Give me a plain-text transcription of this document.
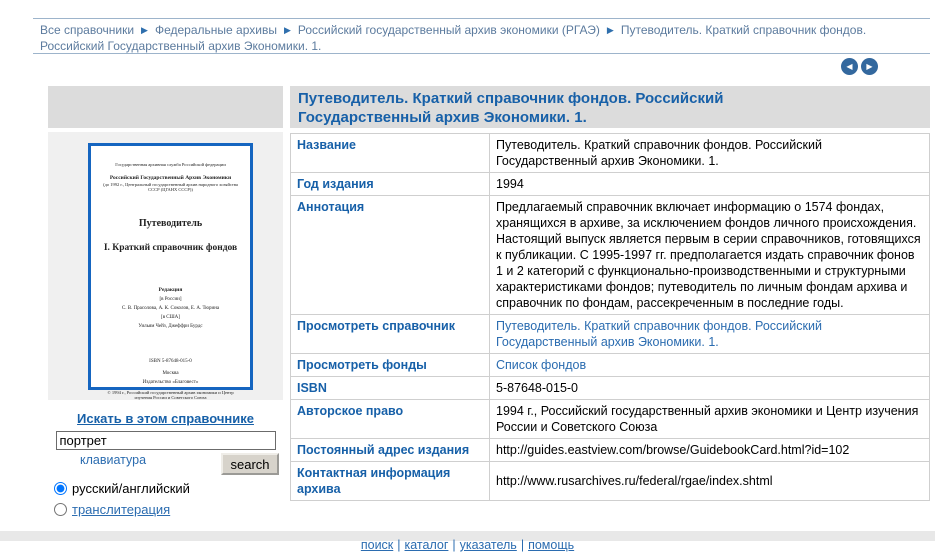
Все справочники ▶ Федеральные архивы ▶ Российский государственный архив экономики (РГАЭ) ▶ Путеводитель. Краткий справочник фондов. Российский Государственный архив Экономики. 1.
◀ ▶
Путеводитель. Краткий справочник фондов. Российский Государственный архив Экономики. 1.
Государственная архивная служба Российской федерации
Российский Государственный Архив Экономики
(до 1992 г., Центральный государственный архив народного хозяйства СССР (ЦГАНХ СССР))
Путеводитель
I. Краткий справочник фондов
Редакция
[в России]
С. В. Прасолова, А. К. Соколов, Е. А. Тюрина
[в США]
Уильям Чейз, Джеффри Бурдс
ISBN 5-87648-015-0
Москва
Издательство «Благовест»
© 1994 г., Российский государственный архив экономики и Центр изучения России и Советского Союза
Искать в этом справочнике
портрет
клавиатура	search
русский/английский
транслитерация
Название	Путеводитель. Краткий справочник фондов. Российский Государственный архив Экономики. 1.
Год издания	1994
Аннотация	Предлагаемый справочник включает информацию о 1574 фондах, хранящихся в архиве, за исключением фондов личного происхождения. Настоящий выпуск является первым в серии справочников, готовящихся к публикации. С 1995-1997 гг. предполагается издать справочник фонов 1 и 2 категорий с функционально-производственными и структурными характеристиками фондов; путеводитель по личным фондам архива и справочник по фондам, рассекреченным в последние годы.
Просмотреть справочник	Путеводитель. Краткий справочник фондов. Российский Государственный архив Экономики. 1.
Просмотреть фонды	Список фондов
ISBN	5-87648-015-0
Авторское право	1994 г., Российский государственный архив экономики и Центр изучения России и Советского Союза
Постоянный адрес издания	http://guides.eastview.com/browse/GuidebookCard.html?id=102
Контактная информация архива	http://www.rusarchives.ru/federal/rgae/index.shtml
поиск | каталог | указатель | помощь
